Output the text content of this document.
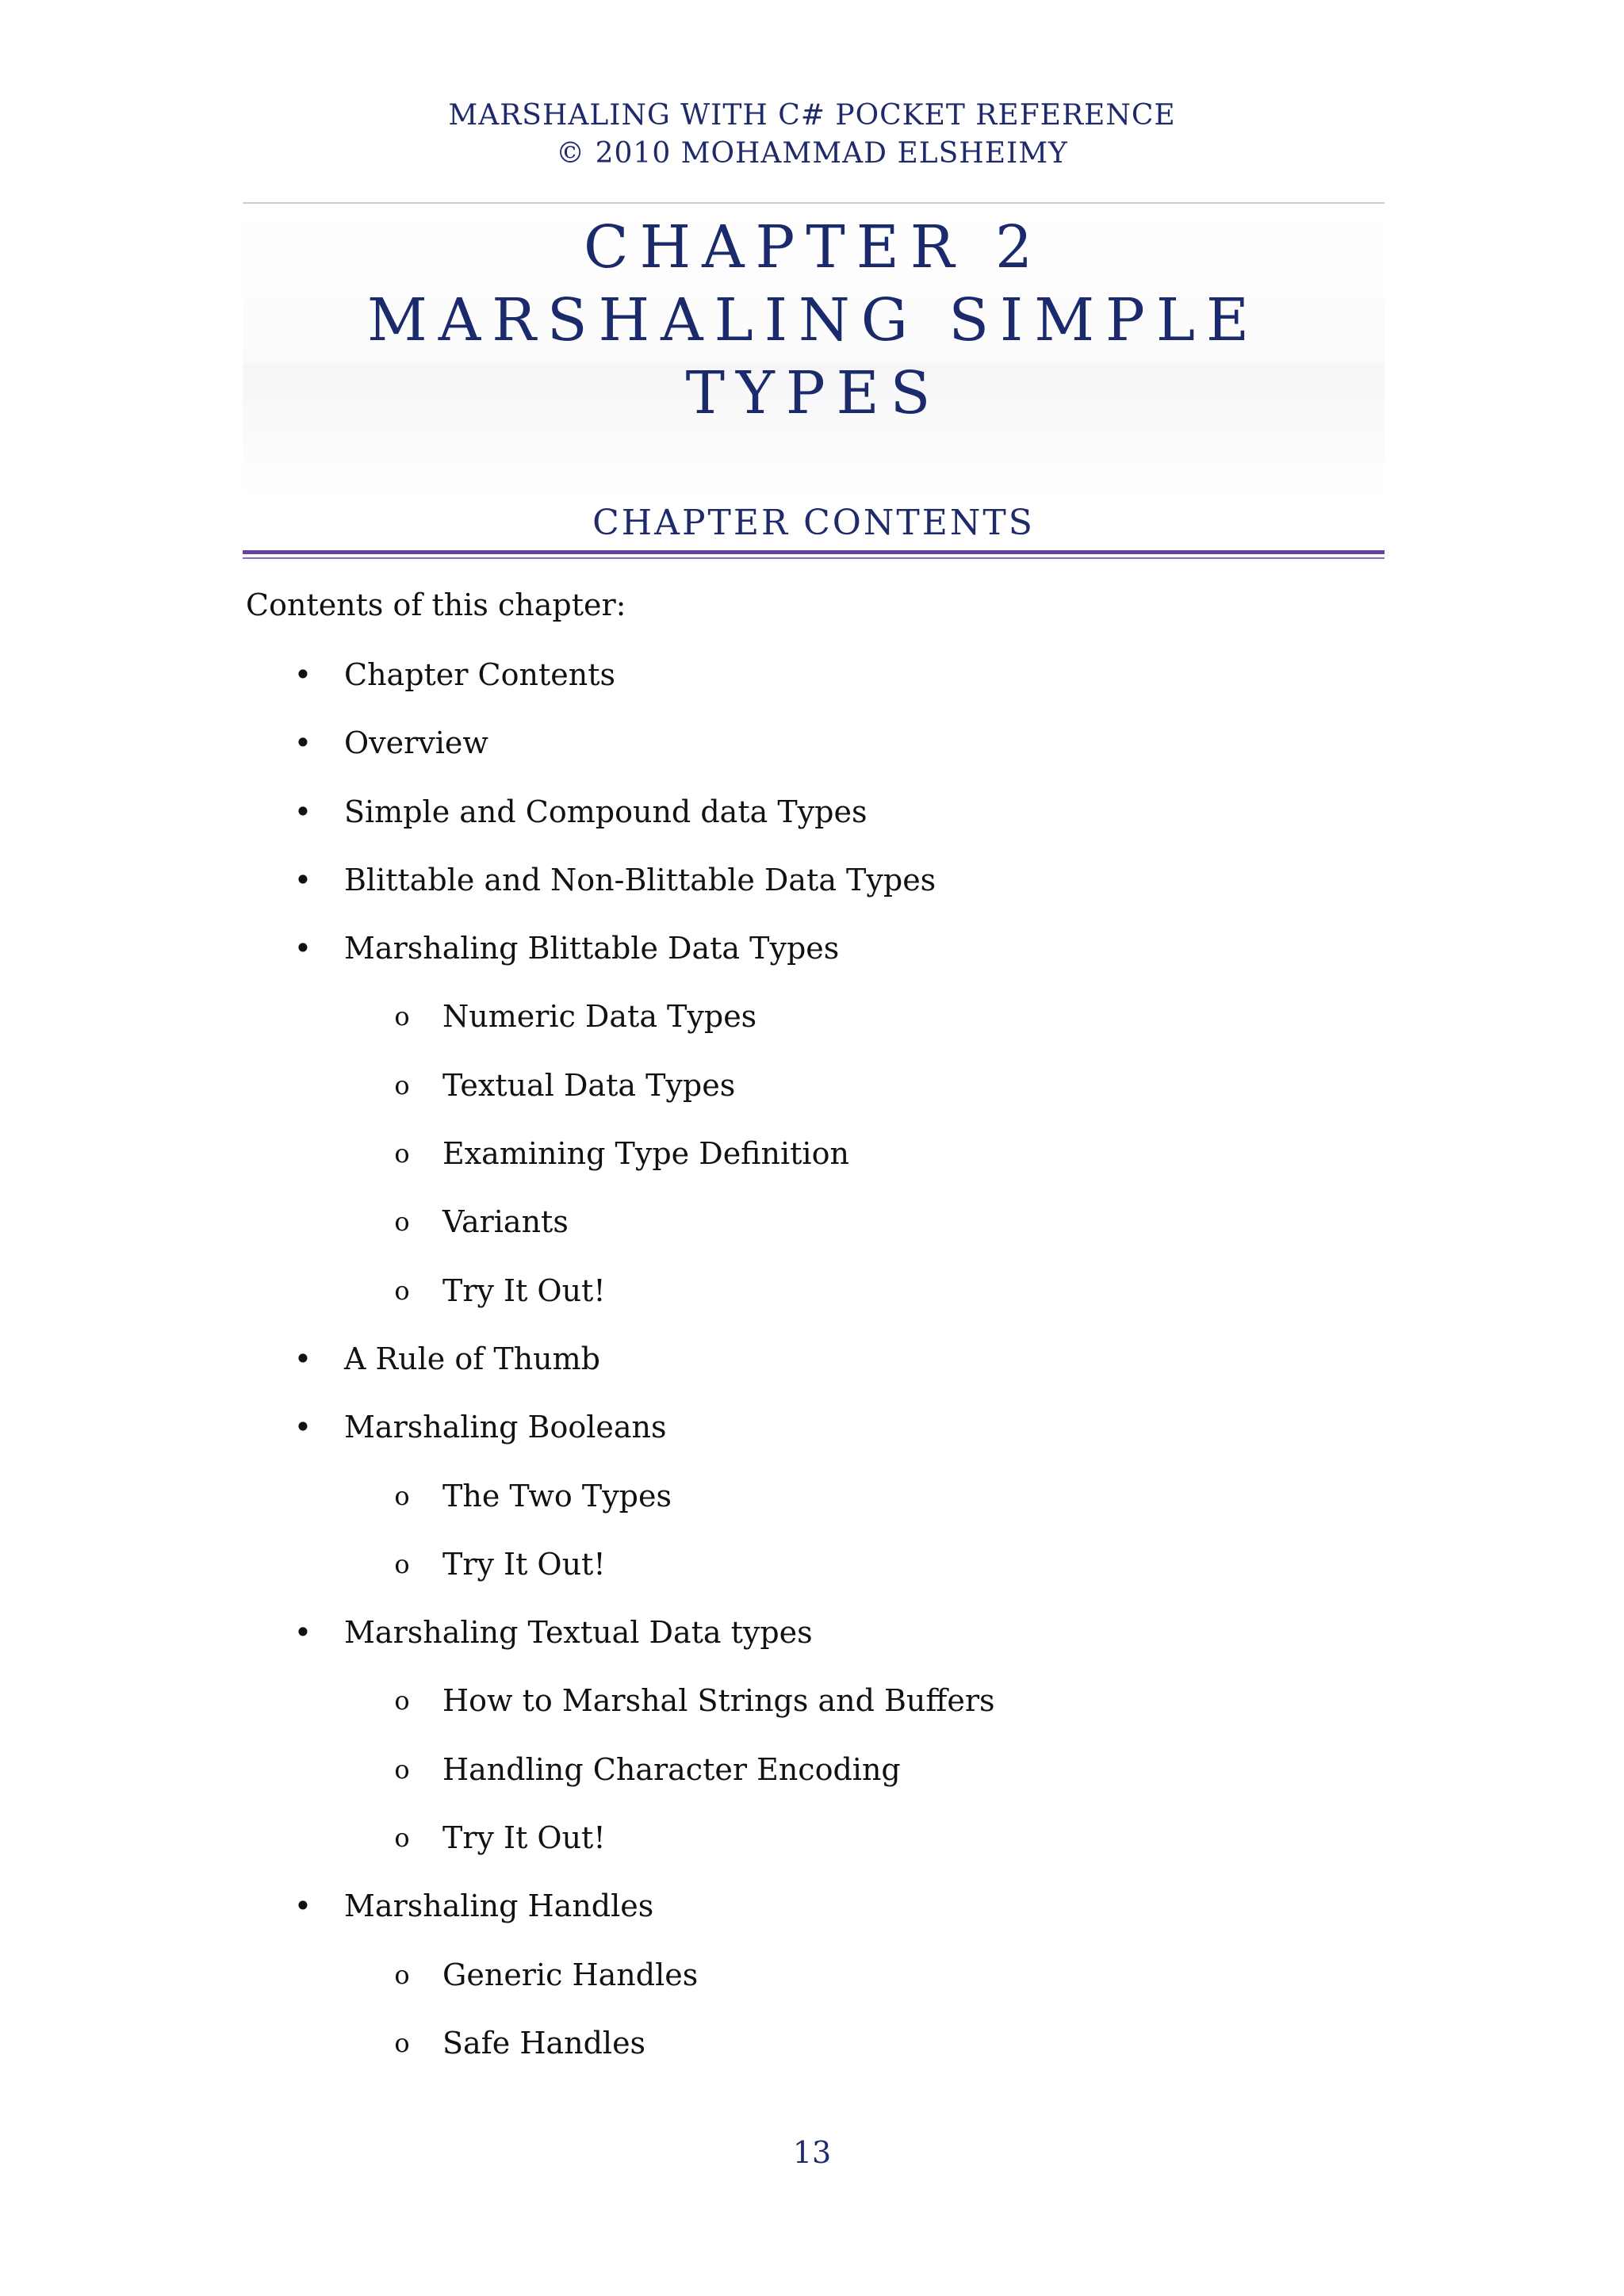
MARSHALING WITH C# POCKET REFERENCE
© 2010 MOHAMMAD ELSHEIMY
CHAPTER 2
MARSHALING SIMPLE TYPES
CHAPTER CONTENTS
Contents of this chapter:
• Chapter Contents
• Overview
• Simple and Compound data Types
• Blittable and Non-Blittable Data Types
• Marshaling Blittable Data Types
o Numeric Data Types
o Textual Data Types
o Examining Type Definition
o Variants
o Try It Out!
• A Rule of Thumb
• Marshaling Booleans
o The Two Types
o Try It Out!
• Marshaling Textual Data types
o How to Marshal Strings and Buffers
o Handling Character Encoding
o Try It Out!
• Marshaling Handles
o Generic Handles
o Safe Handles
13
